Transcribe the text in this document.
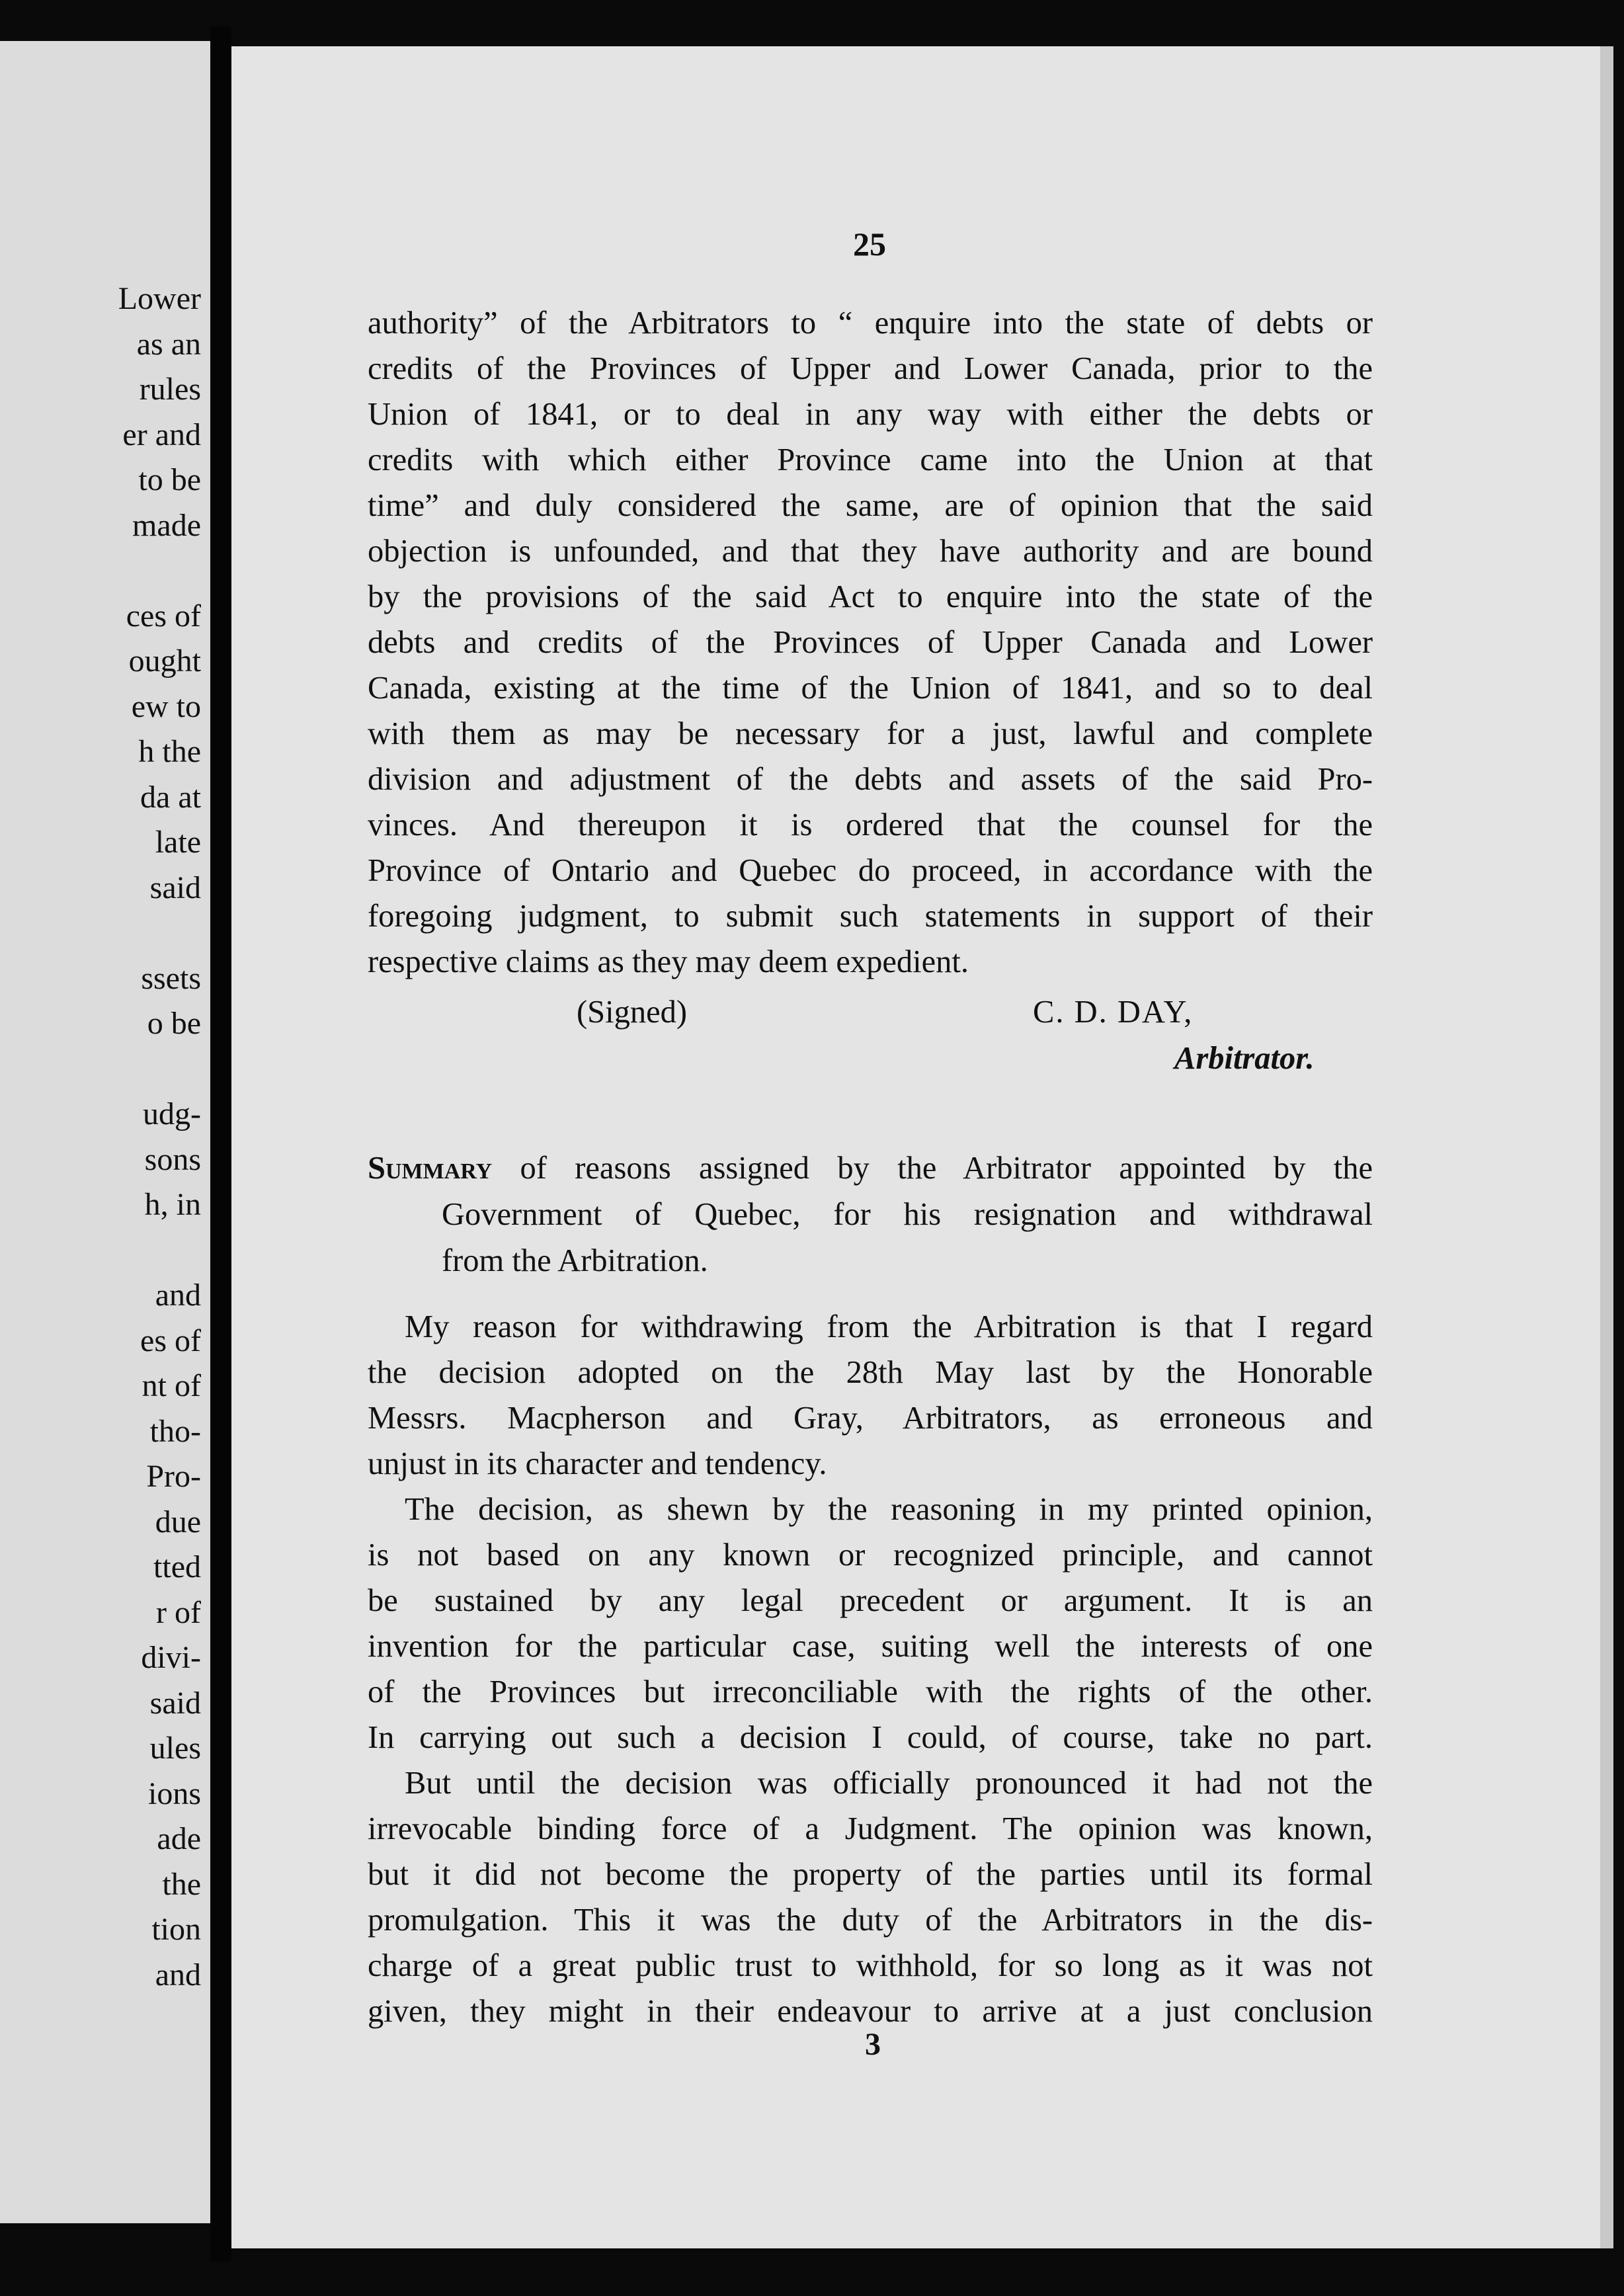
Lower
as an
rules
er and
to be
made
ces of
ought
ew to
h the
da at
late
said
ssets
o be
udg-
sons
h, in
and
es of
nt of
tho-
Pro-
due
tted
r of
divi-
said
ules
ions
ade
the
tion
and
25
authority” of the Arbitrators to “ enquire into the state of debts or
credits of the Provinces of Upper and Lower Canada, prior to the
Union of 1841, or to deal in any way with either the debts or
credits with which either Province came into the Union at that
time” and duly considered the same, are of opinion that the said
objection is unfounded, and that they have authority and are bound
by the provisions of the said Act to enquire into the state of the
debts and credits of the Provinces of Upper Canada and Lower
Canada, existing at the time of the Union of 1841, and so to deal
with them as may be necessary for a just, lawful and complete
division and adjustment of the debts and assets of the said Pro-
vinces. And thereupon it is ordered that the counsel for the
Province of Ontario and Quebec do proceed, in accordance with the
foregoing judgment, to submit such statements in support of their
respective claims as they may deem expedient.
(Signed)	C. D. DAY,
Arbitrator.
Summary of reasons assigned by the Arbitrator appointed by the
Government of Quebec, for his resignation and withdrawal
from the Arbitration.
My reason for withdrawing from the Arbitration is that I regard
the decision adopted on the 28th May last by the Honorable
Messrs. Macpherson and Gray, Arbitrators, as erroneous and
unjust in its character and tendency.
The decision, as shewn by the reasoning in my printed opinion,
is not based on any known or recognized principle, and cannot
be sustained by any legal precedent or argument. It is an
invention for the particular case, suiting well the interests of one
of the Provinces but irreconciliable with the rights of the other.
In carrying out such a decision I could, of course, take no part.
But until the decision was officially pronounced it had not the
irrevocable binding force of a Judgment. The opinion was known,
but it did not become the property of the parties until its formal
promulgation. This it was the duty of the Arbitrators in the dis-
charge of a great public trust to withhold, for so long as it was not
given, they might in their endeavour to arrive at a just conclusion
3
